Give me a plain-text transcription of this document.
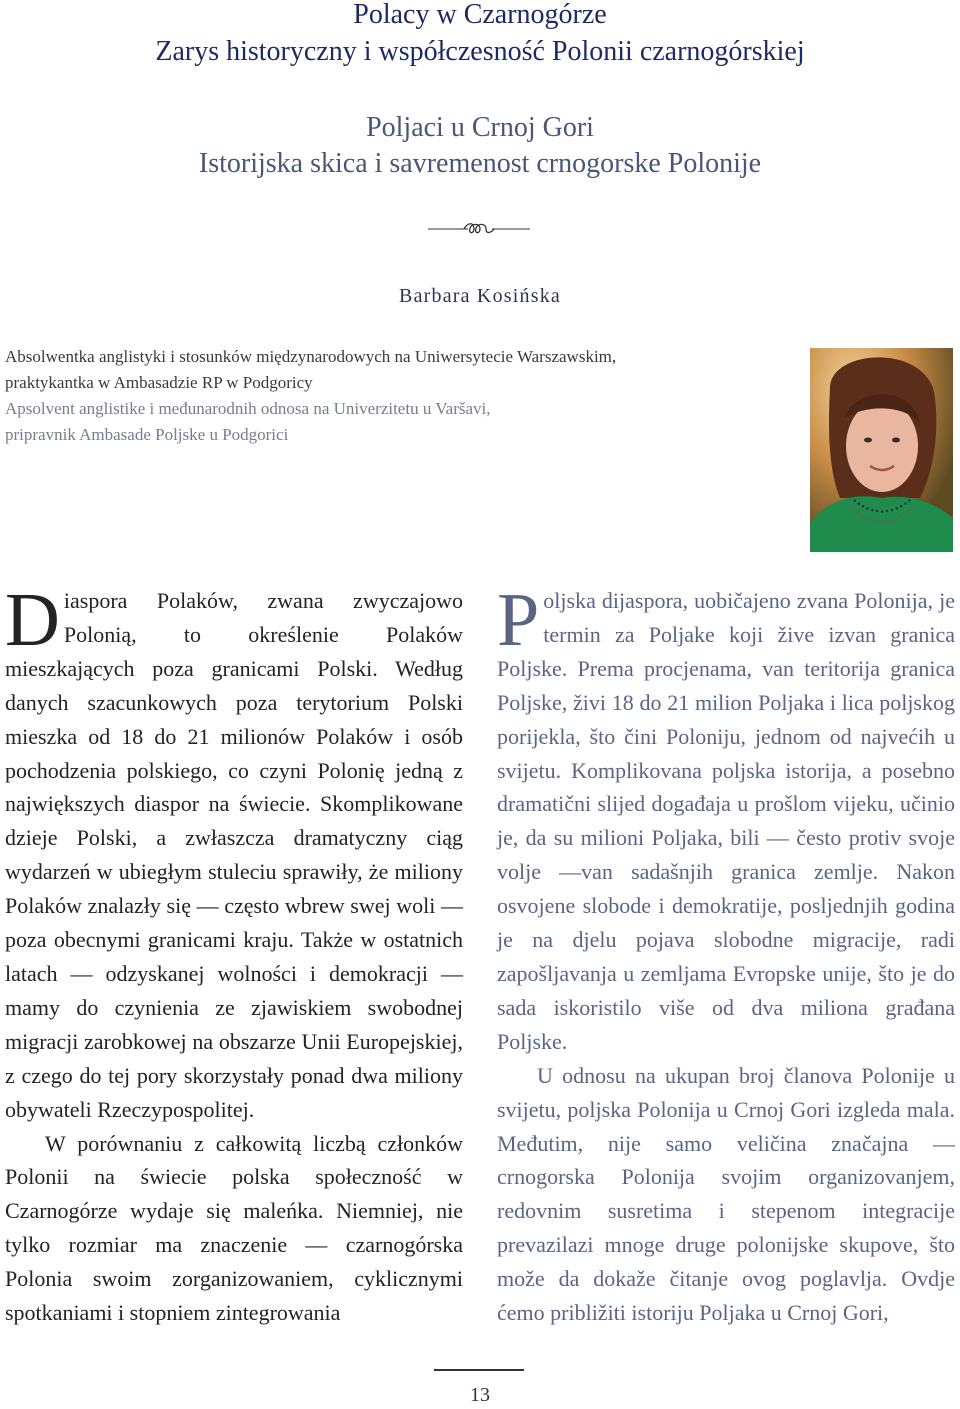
Polacy w Czarnogórze
Zarys historyczny i współczesność Polonii czarnogórskiej
Poljaci u Crnoj Gori
Istorijska skica i savremenost crnogorske Polonije
Barbara Kosińska
Absolwentka anglistyki i stosunków międzynarodowych na Uniwersytecie Warszawskim,
praktykantka w Ambasadzie RP w Podgoricy
Apsolvent anglistike i međunarodnih odnosa na Univerzitetu u Varšavi,
pripravnik Ambasade Poljske u Podgorici

Diaspora Polaków, zwana zwyczajowo Polonią, to określenie Polaków mieszkających poza granicami Polski. Według danych szacunkowych poza terytorium Polski mieszka od 18 do 21 milionów Polaków i osób pochodzenia polskiego, co czyni Polonię jedną z największych diaspor na świecie. Skomplikowane dzieje Polski, a zwłaszcza dramatyczny ciąg wydarzeń w ubiegłym stuleciu sprawiły, że miliony Polaków znalazły się — często wbrew swej woli — poza obecnymi granicami kraju. Także w ostatnich latach — odzyskanej wolności i demokracji — mamy do czynienia ze zjawiskiem swobodnej migracji zarobkowej na obszarze Unii Europejskiej, z czego do tej pory skorzystały ponad dwa miliony obywateli Rzeczypospolitej.

W porównaniu z całkowitą liczbą członków Polonii na świecie polska społeczność w Czarnogórze wydaje się maleńka. Niemniej, nie tylko rozmiar ma znaczenie — czarnogórska Polonia swoim zorganizowaniem, cyklicznymi spotkaniami i stopniem zintegrowania

Poljska dijaspora, uobičajeno zvana Polonija, je termin za Poljake koji žive izvan granica Poljske. Prema procjenama, van teritorija granica Poljske, živi 18 do 21 milion Poljaka i lica poljskog porijekla, što čini Poloniju, jednom od najvećih u svijetu. Komplikovana poljska istorija, a posebno dramatični slijed događaja u prošlom vijeku, učinio je, da su milioni Poljaka, bili — često protiv svoje volje —van sadašnjih granica zemlje. Nakon osvojene slobode i demokratije, posljednjih godina je na djelu pojava slobodne migracije, radi zapošljavanja u zemljama Evropske unije, što je do sada iskoristilo više od dva miliona građana Poljske.

U odnosu na ukupan broj članova Polonije u svijetu, poljska Polonija u Crnoj Gori izgleda mala. Međutim, nije samo veličina značajna — crnogorska Polonija svojim organizovanjem, redovnim susretima i stepenom integracije prevazilazi mnoge druge polonijske skupove, što može da dokaže čitanje ovog poglavlja. Ovdje ćemo približiti istoriju Poljaka u Crnoj Gori,

13
